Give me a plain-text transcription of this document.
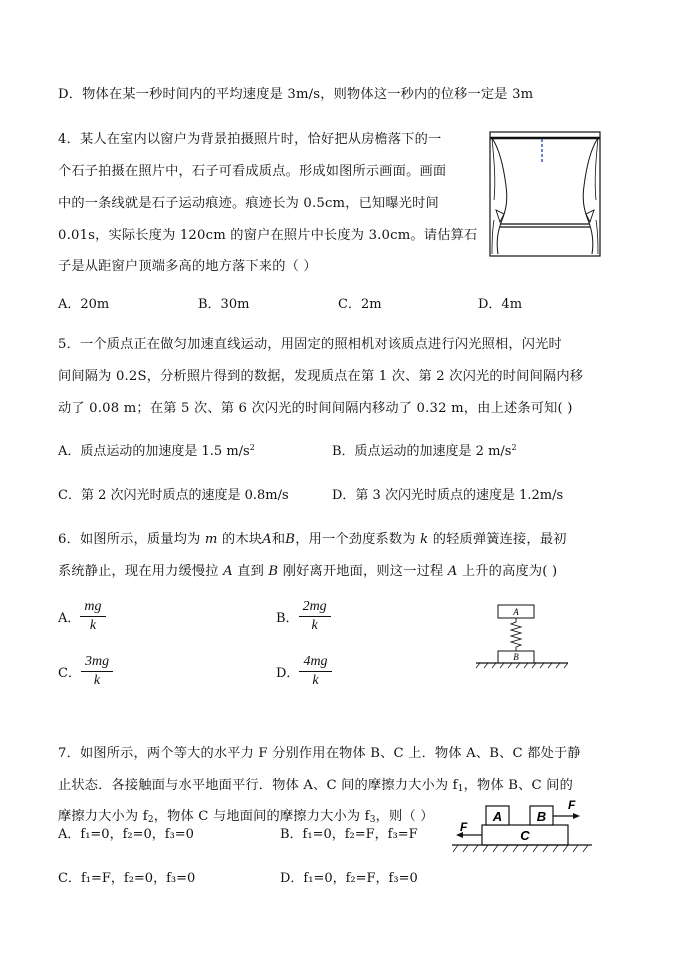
D．物体在某一秒时间内的平均速度是 3m/s，则物体这一秒内的位移一定是 3m
4．某人在室内以窗户为背景拍摄照片时，恰好把从房檐落下的一
个石子拍摄在照片中，石子可看成质点。形成如图所示画面。画面
中的一条线就是石子运动痕迹。痕迹长为 0.5cm，已知曝光时间
0.01s，实际长度为 120cm 的窗户在照片中长度为 3.0cm。请估算石
子是从距窗户顶端多高的地方落下来的（ ）
A．20m	B．30m	C．2m	D．4m
5．一个质点正在做匀加速直线运动，用固定的照相机对该质点进行闪光照相，闪光时
间间隔为 0.2S，分析照片得到的数据，发现质点在第 1 次、第 2 次闪光的时间间隔内移
动了 0.08 m；在第 5 次、第 6 次闪光的时间间隔内移动了 0.32 m，由上述条可知( )
A．质点运动的加速度是 1.5 $m/s^2$	B．质点运动的加速度是 2 $m/s^2$
C．第 2 次闪光时质点的速度是 0.8m/s	D．第 3 次闪光时质点的速度是 1.2m/s
6．如图所示，质量均为 m 的木块A和B，用一个劲度系数为 k 的轻质弹簧连接，最初
系统静止，现在用力缓慢拉 A 直到 B 刚好离开地面，则这一过程 A 上升的高度为( )
A． $\frac{mg}{k}$	B． $\frac{2mg}{k}$
C． $\frac{3mg}{k}$	D． $\frac{4mg}{k}$
A
B
7．如图所示，两个等大的水平力 F 分别作用在物体 B、C 上．物体 A、B、C 都处于静
止状态．各接触面与水平地面平行．物体 A、C 间的摩擦力大小为 $f_1$，物体 B、C 间的
摩擦力大小为 $f_2$，物体 C 与地面间的摩擦力大小为 $f_3$，则（ ）
A．f₁=0，f₂=0，f₃=0	B．f₁=0，f₂=F，f₃=F
C．f₁=F，f₂=0，f₃=0	D．f₁=0，f₂=F，f₃=0
A	B
C
F
F
